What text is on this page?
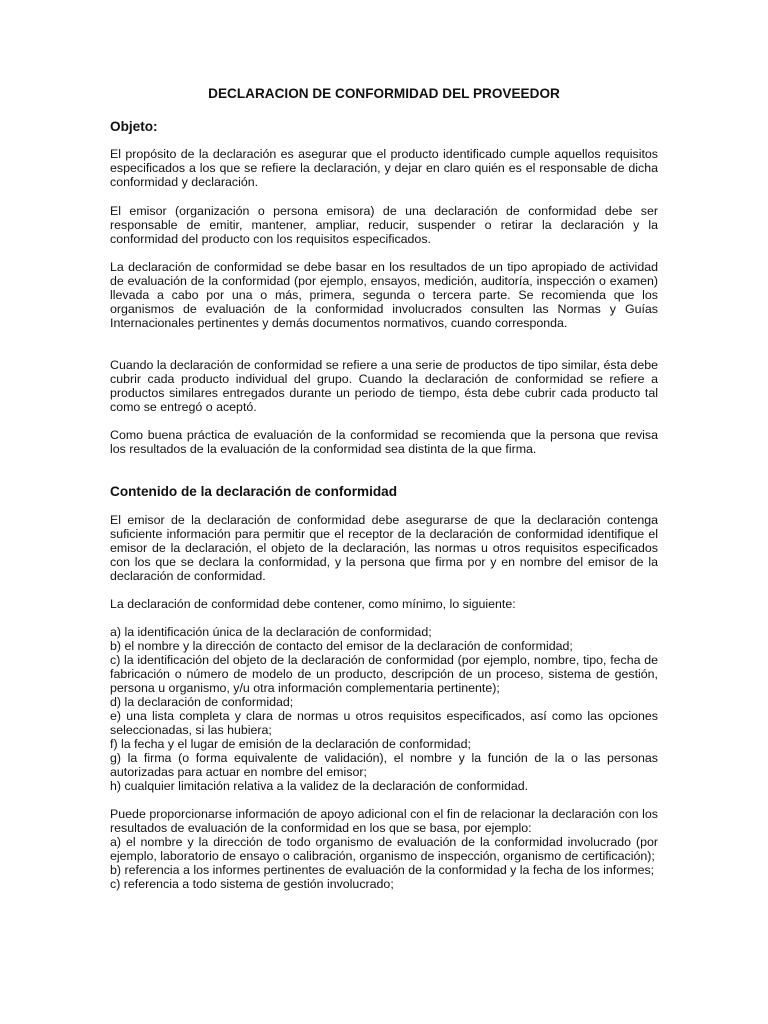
DECLARACION DE CONFORMIDAD DEL PROVEEDOR
Objeto:

El propósito de la declaración es asegurar que el producto identificado cumple aquellos requisitos especificados a los que se refiere la declaración, y dejar en claro quién es el responsable de dicha conformidad y declaración.

El emisor (organización o persona emisora) de una declaración de conformidad debe ser responsable de emitir, mantener, ampliar, reducir, suspender o retirar la declaración y la conformidad del producto con los requisitos especificados.

La declaración de conformidad se debe basar en los resultados de un tipo apropiado de actividad de evaluación de la conformidad (por ejemplo, ensayos, medición, auditoría, inspección o examen) llevada a cabo por una o más, primera, segunda o tercera parte. Se recomienda que los organismos de evaluación de la conformidad involucrados consulten las Normas y Guías Internacionales pertinentes y demás documentos normativos, cuando corresponda.

Cuando la declaración de conformidad se refiere a una serie de productos de tipo similar, ésta debe cubrir cada producto individual del grupo. Cuando la declaración de conformidad se refiere a productos similares entregados durante un periodo de tiempo, ésta debe cubrir cada producto tal como se entregó o aceptó.

Como buena práctica de evaluación de la conformidad se recomienda que la persona que revisa los resultados de la evaluación de la conformidad sea distinta de la que firma.

Contenido de la declaración de conformidad

El emisor de la declaración de conformidad debe asegurarse de que la declaración contenga suficiente información para permitir que el receptor de la declaración de conformidad identifique el emisor de la declaración, el objeto de la declaración, las normas u otros requisitos especificados con los que se declara la conformidad, y la persona que firma por y en nombre del emisor de la declaración de conformidad.

La declaración de conformidad debe contener, como mínimo, lo siguiente:

a) la identificación única de la declaración de conformidad;

b) el nombre y la dirección de contacto del emisor de la declaración de conformidad;

c) la identificación del objeto de la declaración de conformidad (por ejemplo, nombre, tipo, fecha de fabricación o número de modelo de un producto, descripción de un proceso, sistema de gestión, persona u organismo, y/u otra información complementaria pertinente);

d) la declaración de conformidad;

e) una lista completa y clara de normas u otros requisitos especificados, así como las opciones seleccionadas, si las hubiera;

f) la fecha y el lugar de emisión de la declaración de conformidad;

g) la firma (o forma equivalente de validación), el nombre y la función de la o las personas autorizadas para actuar en nombre del emisor;

h) cualquier limitación relativa a la validez de la declaración de conformidad.

Puede proporcionarse información de apoyo adicional con el fin de relacionar la declaración con los resultados de evaluación de la conformidad en los que se basa, por ejemplo:

a) el nombre y la dirección de todo organismo de evaluación de la conformidad involucrado (por ejemplo, laboratorio de ensayo o calibración, organismo de inspección, organismo de certificación);

b) referencia a los informes pertinentes de evaluación de la conformidad y la fecha de los informes;

c) referencia a todo sistema de gestión involucrado;
